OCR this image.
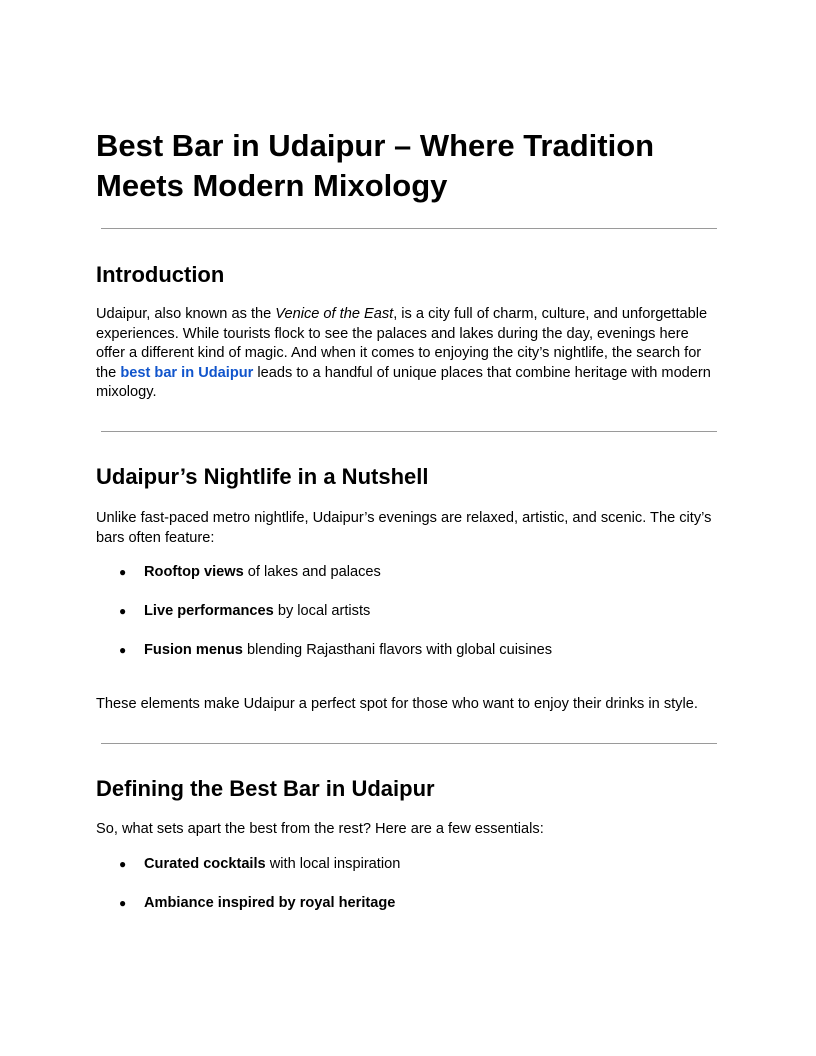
Best Bar in Udaipur – Where Tradition Meets Modern Mixology
Introduction

Udaipur, also known as the Venice of the East, is a city full of charm, culture, and unforgettable experiences. While tourists flock to see the palaces and lakes during the day, evenings here offer a different kind of magic. And when it comes to enjoying the city’s nightlife, the search for the best bar in Udaipur leads to a handful of unique places that combine heritage with modern mixology.

Udaipur’s Nightlife in a Nutshell

Unlike fast-paced metro nightlife, Udaipur’s evenings are relaxed, artistic, and scenic. The city’s bars often feature:

● Rooftop views of lakes and palaces
● Live performances by local artists
● Fusion menus blending Rajasthani flavors with global cuisines

These elements make Udaipur a perfect spot for those who want to enjoy their drinks in style.

Defining the Best Bar in Udaipur

So, what sets apart the best from the rest? Here are a few essentials:

● Curated cocktails with local inspiration
● Ambiance inspired by royal heritage
